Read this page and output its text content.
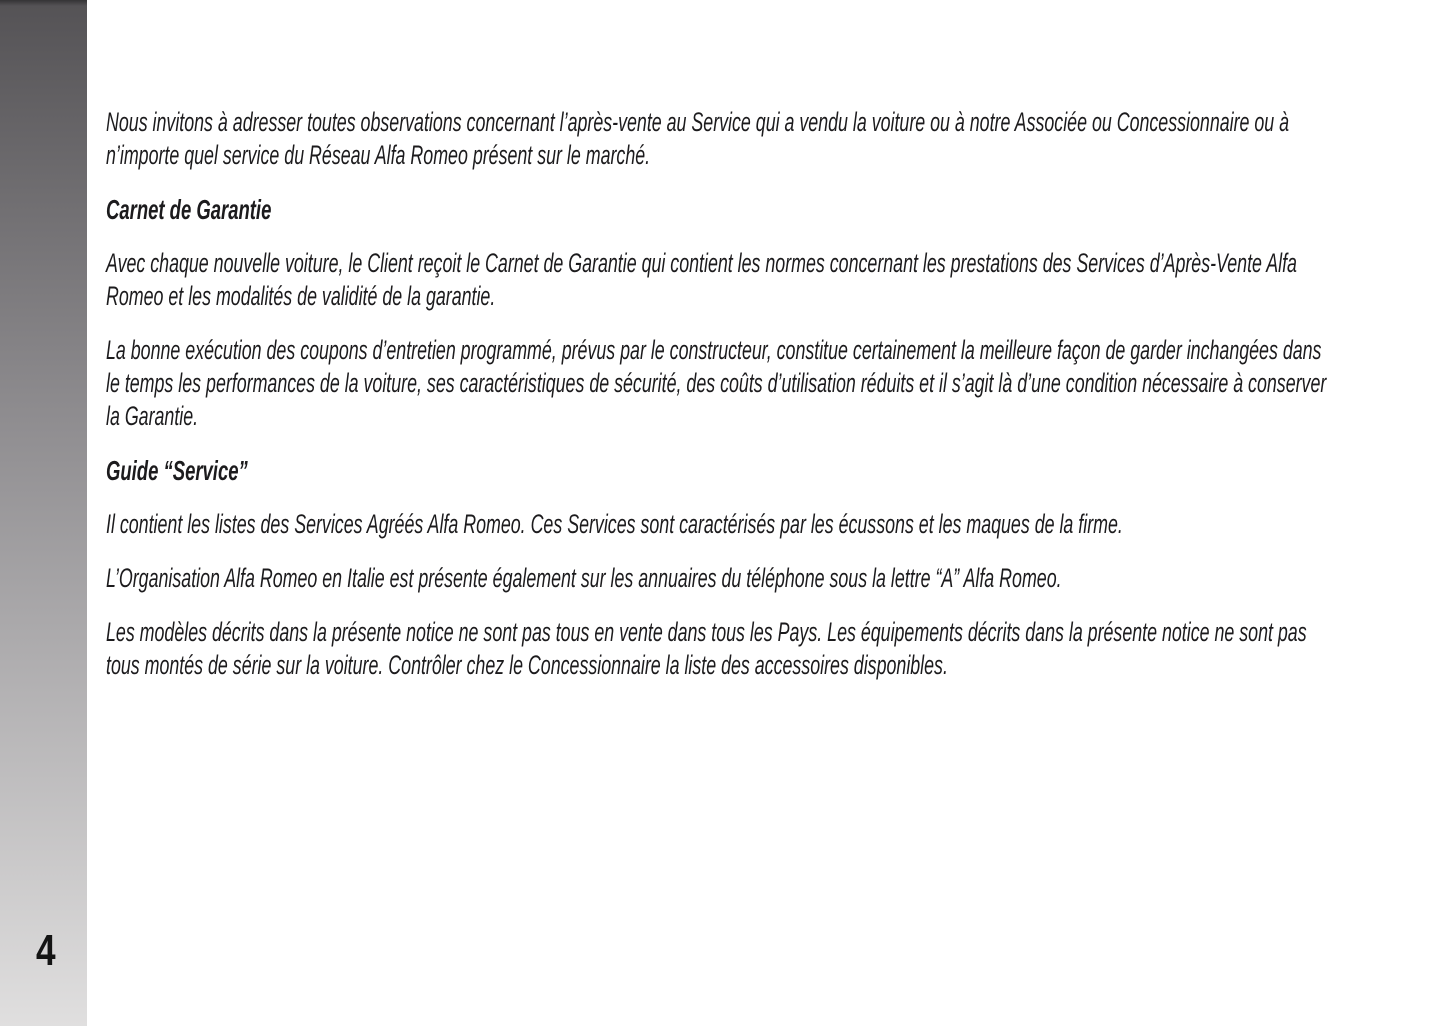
4

Nous invitons à adresser toutes observations concernant l’après-vente au Service qui a vendu la voiture ou à notre Associée ou Concessionnaire ou à n’importe quel service du Réseau Alfa Romeo présent sur le marché.

Carnet de Garantie

Avec chaque nouvelle voiture, le Client reçoit le Carnet de Garantie qui contient les normes concernant les prestations des Services d’Après-Vente Alfa Romeo et les modalités de validité de la garantie.

La bonne exécution des coupons d’entretien programmé, prévus par le constructeur, constitue certainement la meilleure façon de garder inchangées dans le temps les performances de la voiture, ses caractéristiques de sécurité, des coûts d’utilisation réduits et il s’agit là d’une condition nécessaire à conserver la Garantie.

Guide “Service”

Il contient les listes des Services Agréés Alfa Romeo. Ces Services sont caractérisés par les écussons et les maques de la firme.

L’Organisation Alfa Romeo en Italie est présente également sur les annuaires du téléphone sous la lettre “A” Alfa Romeo.

Les modèles décrits dans la présente notice ne sont pas tous en vente dans tous les Pays. Les équipements décrits dans la présente notice ne sont pas tous montés de série sur la voiture. Contrôler chez le Concessionnaire la liste des accessoires disponibles.
